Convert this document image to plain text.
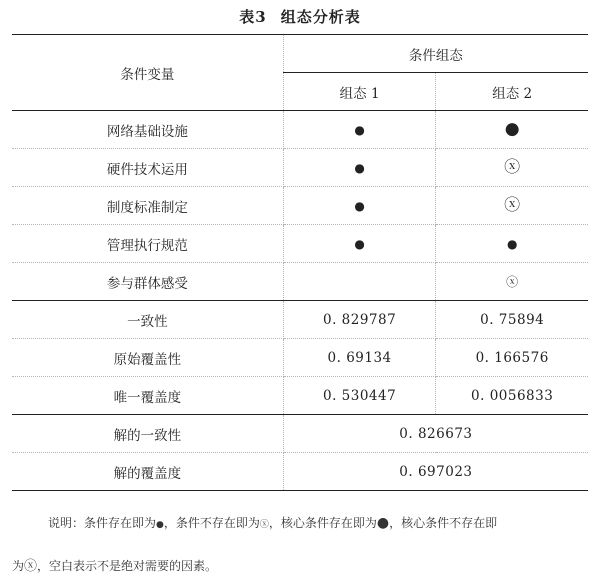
表3 组态分析表
条件变量	条件组态	
	组态 1	组态 2
网络基础设施	●	●
硬件技术运用	●	ⓧ
制度标准制定	●	ⓧ
管理执行规范	●	●
参与群体感受		ⓧ
一致性	0. 829787	0. 75894
原始覆盖性	0. 69134	0. 166576
唯一覆盖度	0. 530447	0. 0056833
解的一致性	0. 826673	
解的覆盖度	0. 697023	
说明：条件存在即为●，条件不存在即为ⓧ，核心条件存在即为●，核心条件不存在即
为ⓧ，空白表示不是绝对需要的因素。
